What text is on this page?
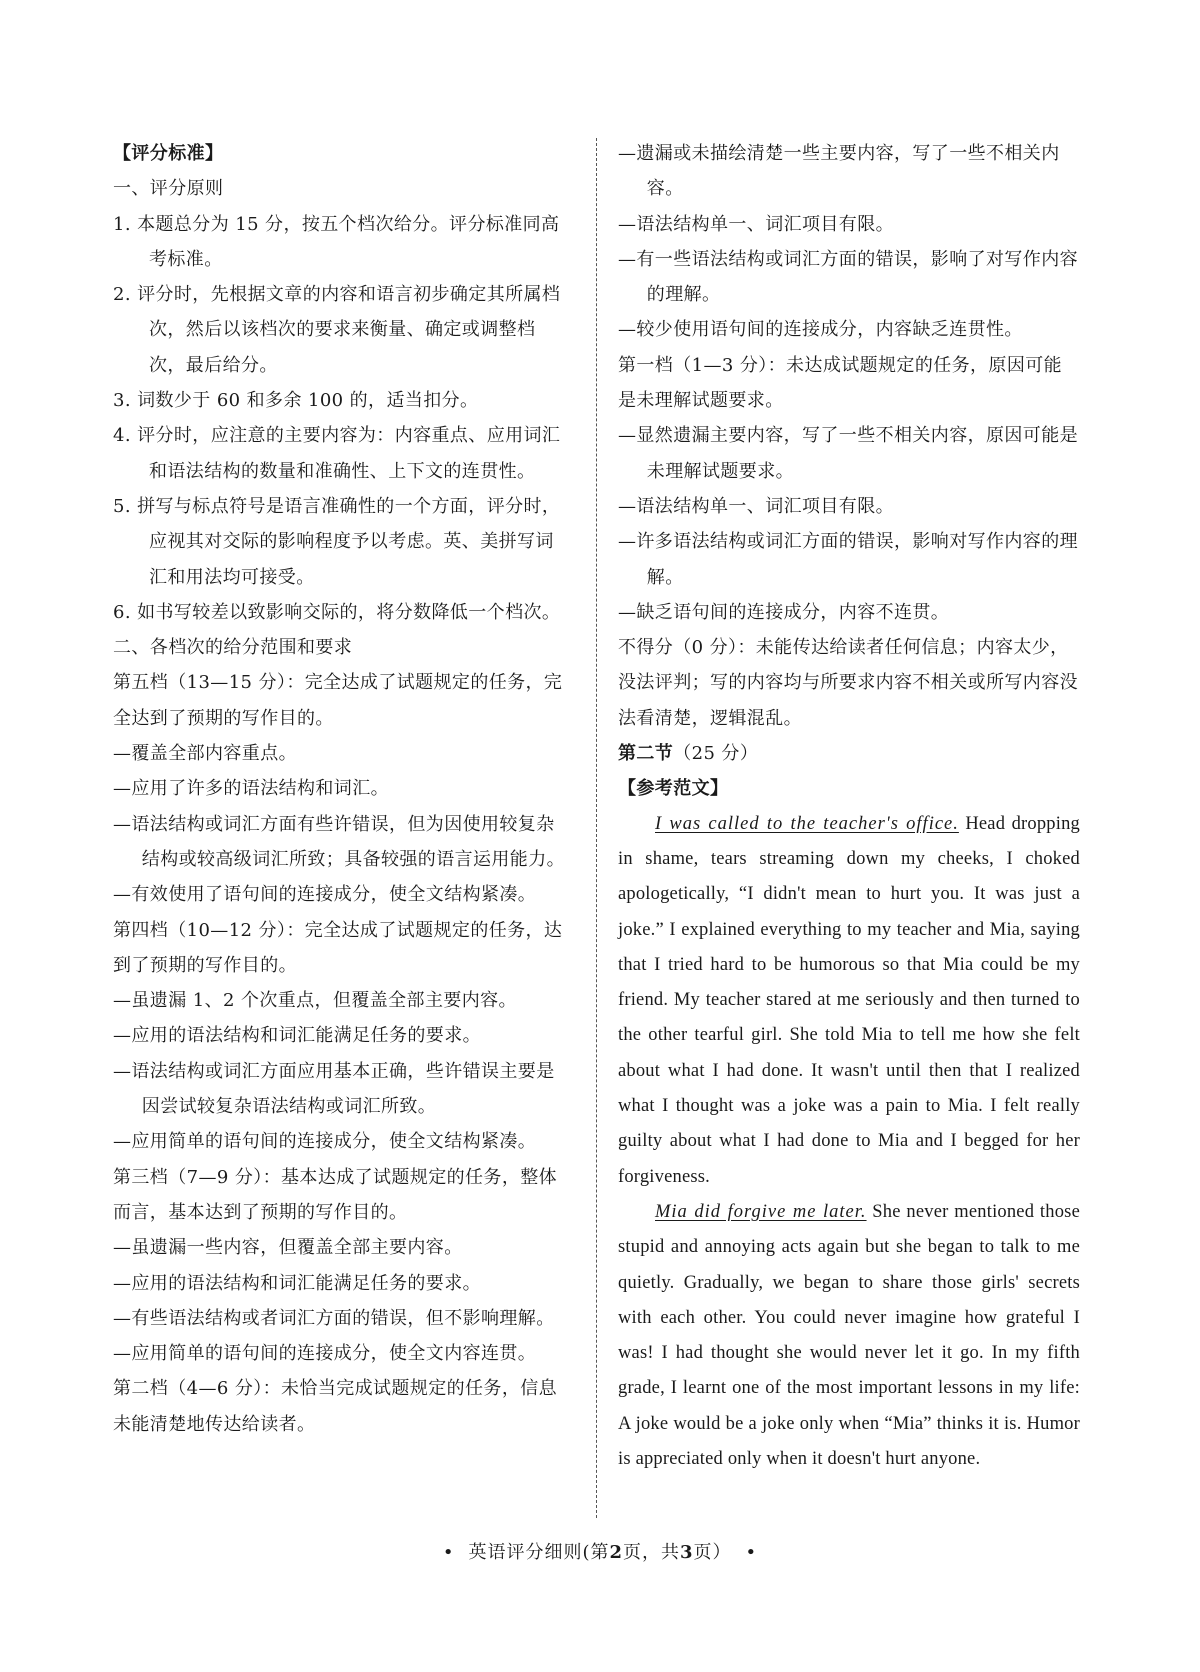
【评分标准】
一、评分原则
1. 本题总分为 15 分，按五个档次给分。评分标准同高考标准。
2. 评分时，先根据文章的内容和语言初步确定其所属档次，然后以该档次的要求来衡量、确定或调整档次，最后给分。
3. 词数少于 60 和多余 100 的，适当扣分。
4. 评分时，应注意的主要内容为：内容重点、应用词汇和语法结构的数量和准确性、上下文的连贯性。
5. 拼写与标点符号是语言准确性的一个方面，评分时，应视其对交际的影响程度予以考虑。英、美拼写词汇和用法均可接受。
6. 如书写较差以致影响交际的，将分数降低一个档次。
二、各档次的给分范围和要求
第五档（13—15 分）：完全达成了试题规定的任务，完全达到了预期的写作目的。
—覆盖全部内容重点。
—应用了许多的语法结构和词汇。
—语法结构或词汇方面有些许错误，但为因使用较复杂结构或较高级词汇所致；具备较强的语言运用能力。
—有效使用了语句间的连接成分，使全文结构紧凑。
第四档（10—12 分）：完全达成了试题规定的任务，达到了预期的写作目的。
—虽遗漏 1、2 个次重点，但覆盖全部主要内容。
—应用的语法结构和词汇能满足任务的要求。
—语法结构或词汇方面应用基本正确，些许错误主要是因尝试较复杂语法结构或词汇所致。
—应用简单的语句间的连接成分，使全文结构紧凑。
第三档（7—9 分）：基本达成了试题规定的任务，整体而言，基本达到了预期的写作目的。
—虽遗漏一些内容，但覆盖全部主要内容。
—应用的语法结构和词汇能满足任务的要求。
—有些语法结构或者词汇方面的错误，但不影响理解。
—应用简单的语句间的连接成分，使全文内容连贯。
第二档（4—6 分）：未恰当完成试题规定的任务，信息未能清楚地传达给读者。
—遗漏或未描绘清楚一些主要内容，写了一些不相关内容。
—语法结构单一、词汇项目有限。
—有一些语法结构或词汇方面的错误，影响了对写作内容的理解。
—较少使用语句间的连接成分，内容缺乏连贯性。
第一档（1—3 分）：未达成试题规定的任务，原因可能是未理解试题要求。
—显然遗漏主要内容，写了一些不相关内容，原因可能是未理解试题要求。
—语法结构单一、词汇项目有限。
—许多语法结构或词汇方面的错误，影响对写作内容的理解。
—缺乏语句间的连接成分，内容不连贯。
不得分（0 分）：未能传达给读者任何信息；内容太少，没法评判；写的内容均与所要求内容不相关或所写内容没法看清楚，逻辑混乱。
第二节（25 分）
【参考范文】

I was called to the teacher's office. Head dropping in shame, tears streaming down my cheeks, I choked apologetically, “I didn't mean to hurt you. It was just a joke.” I explained everything to my teacher and Mia, saying that I tried hard to be humorous so that Mia could be my friend. My teacher stared at me seriously and then turned to the other tearful girl. She told Mia to tell me how she felt about what I had done. It wasn't until then that I realized what I thought was a joke was a pain to Mia. I felt really guilty about what I had done to Mia and I begged for her forgiveness.

Mia did forgive me later. She never mentioned those stupid and annoying acts again but she began to talk to me quietly. Gradually, we began to share those girls' secrets with each other. You could never imagine how grateful I was! I had thought she would never let it go. In my fifth grade, I learnt one of the most important lessons in my life: A joke would be a joke only when “Mia” thinks it is. Humor is appreciated only when it doesn't hurt anyone.

• 英语评分细则(第2页，共3页） •
